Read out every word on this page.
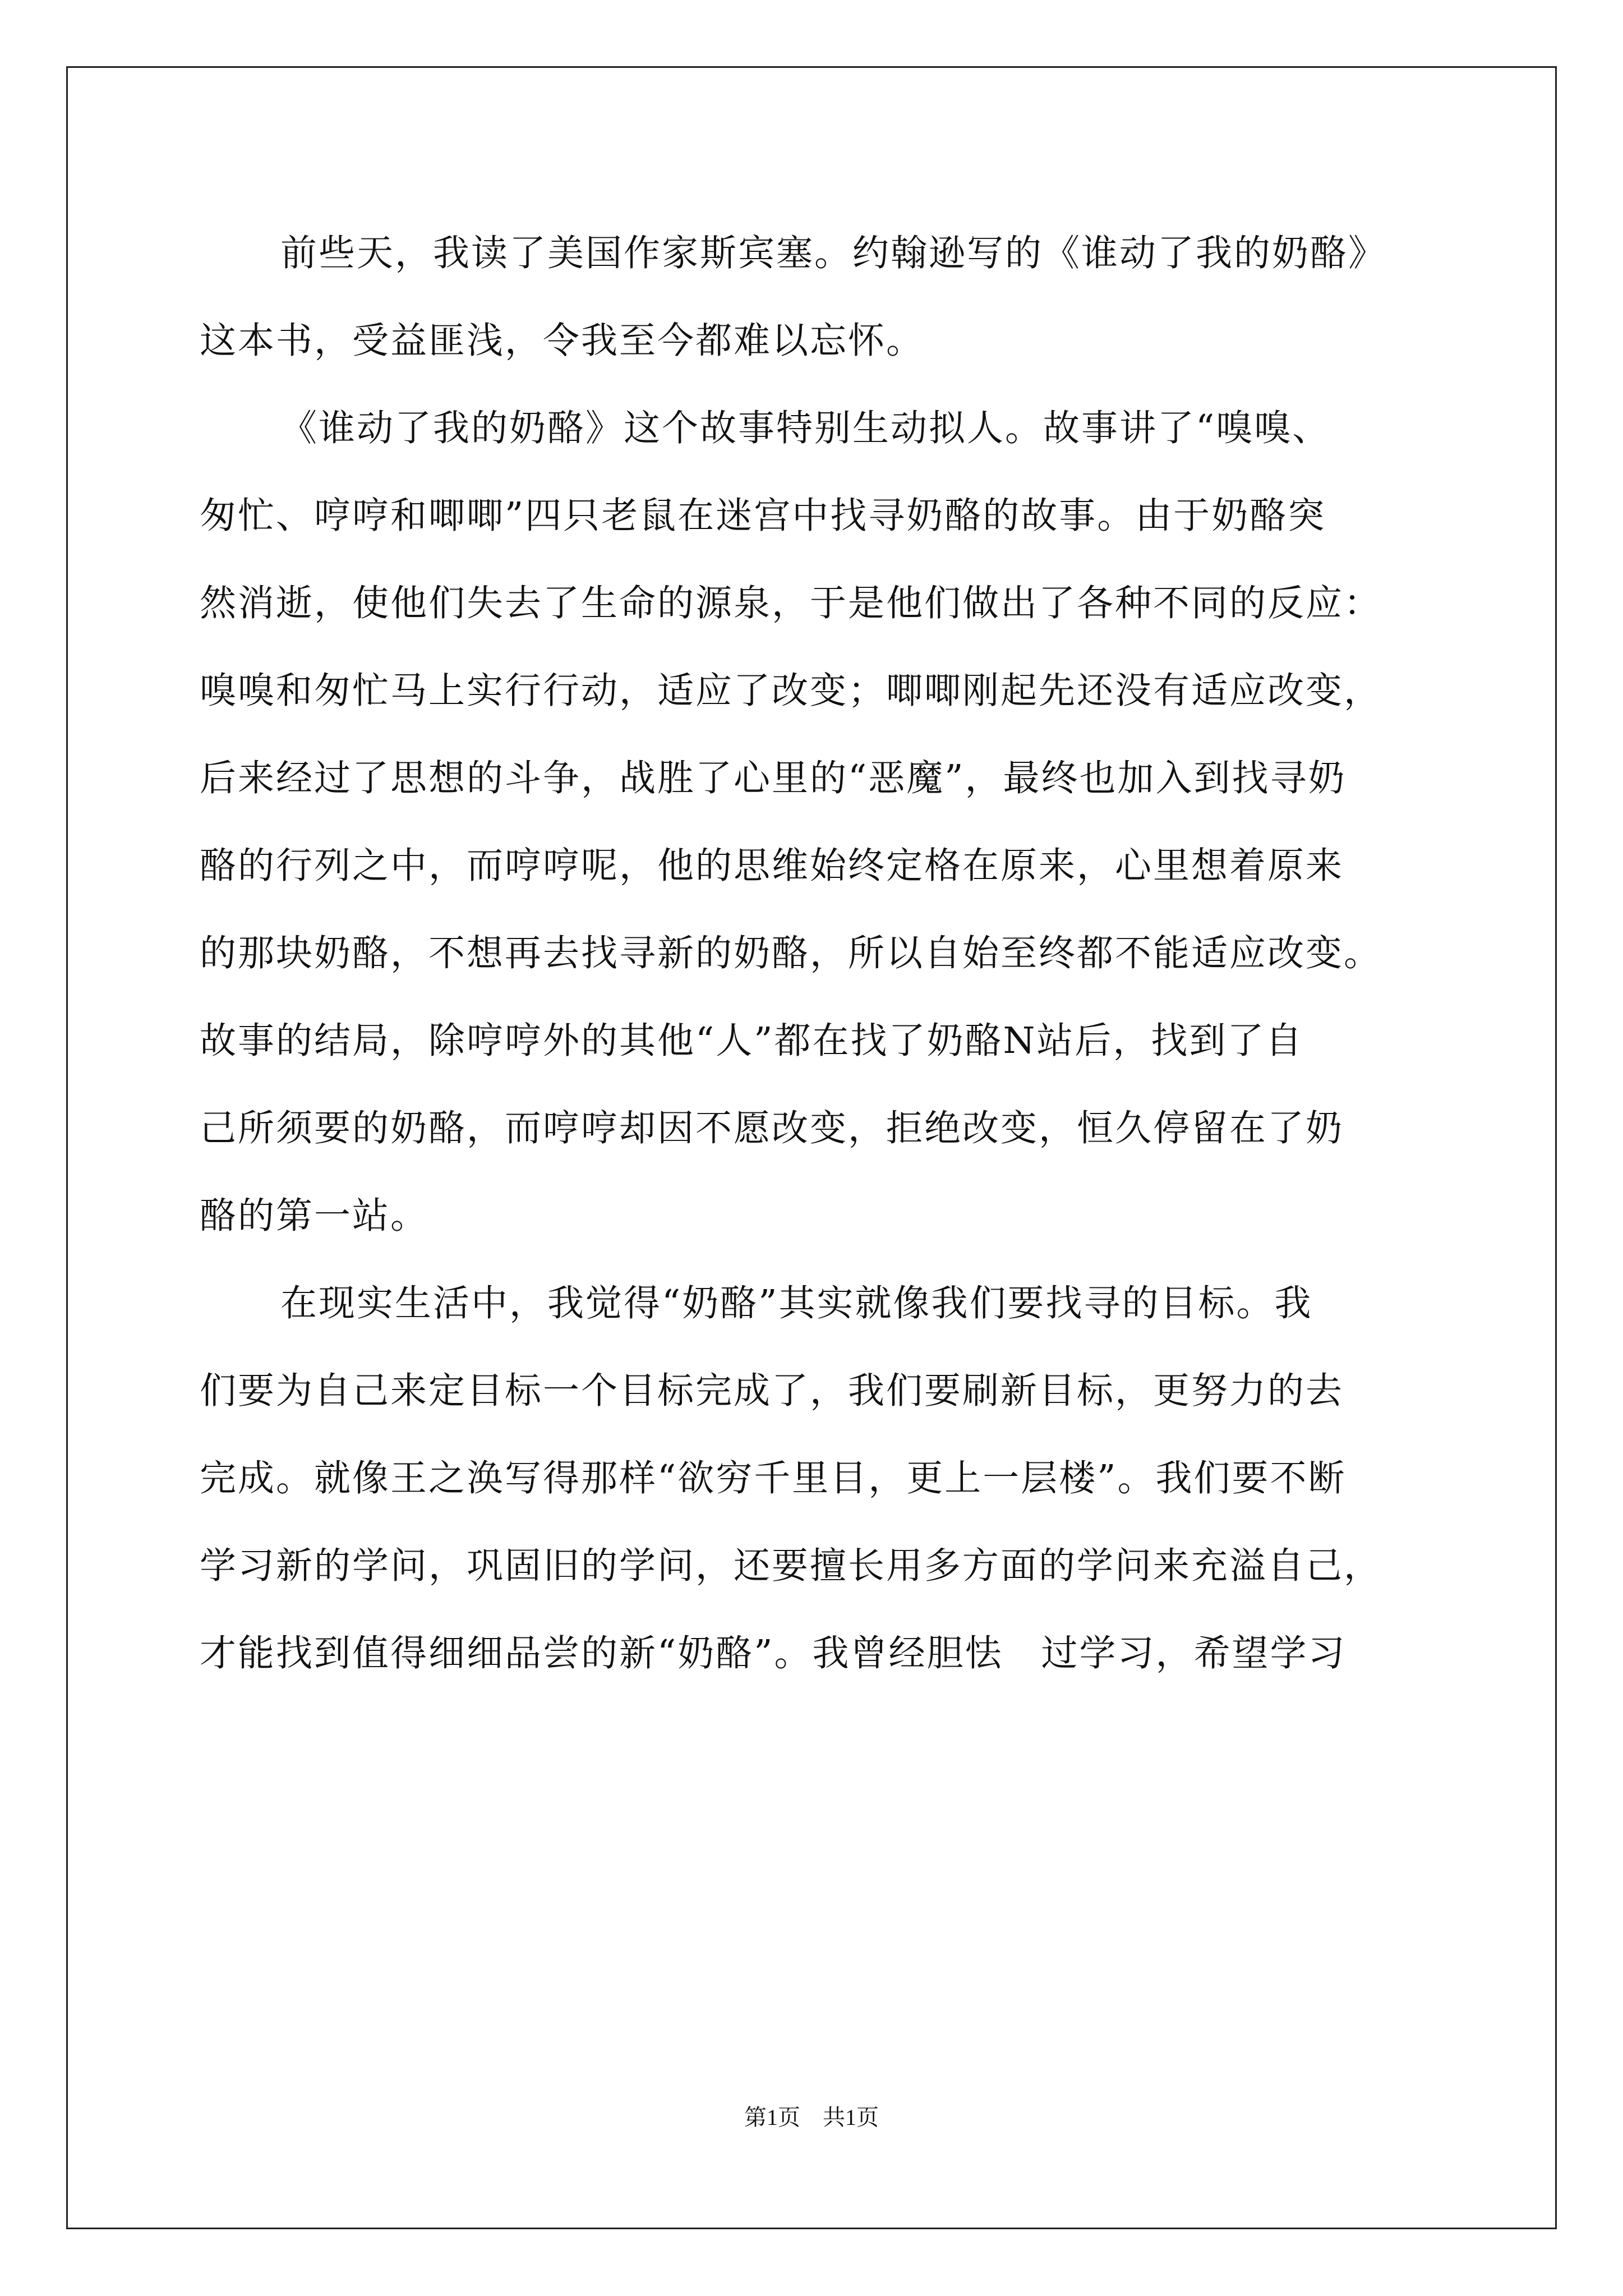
前些天，我读了美国作家斯宾塞。约翰逊写的《谁动了我的奶酪》
这本书，受益匪浅，令我至今都难以忘怀。
《谁动了我的奶酪》这个故事特别生动拟人。故事讲了“嗅嗅、
匆忙、哼哼和唧唧”四只老鼠在迷宫中找寻奶酪的故事。由于奶酪突
然消逝，使他们失去了生命的源泉，于是他们做出了各种不同的反应：
嗅嗅和匆忙马上实行行动，适应了改变；唧唧刚起先还没有适应改变，
后来经过了思想的斗争，战胜了心里的“恶魔”，最终也加入到找寻奶
酪的行列之中，而哼哼呢，他的思维始终定格在原来，心里想着原来
的那块奶酪，不想再去找寻新的奶酪，所以自始至终都不能适应改变。
故事的结局，除哼哼外的其他“人”都在找了奶酪N站后，找到了自
己所须要的奶酪，而哼哼却因不愿改变，拒绝改变，恒久停留在了奶
酪的第一站。
在现实生活中，我觉得“奶酪”其实就像我们要找寻的目标。我
们要为自己来定目标一个目标完成了，我们要刷新目标，更努力的去
完成。就像王之涣写得那样“欲穷千里目，更上一层楼”。我们要不断
学习新的学问，巩固旧的学问，还要擅长用多方面的学问来充溢自己，
才能找到值得细细品尝的新“奶酪”。我曾经胆怯　过学习，希望学习
第1页　共1页
